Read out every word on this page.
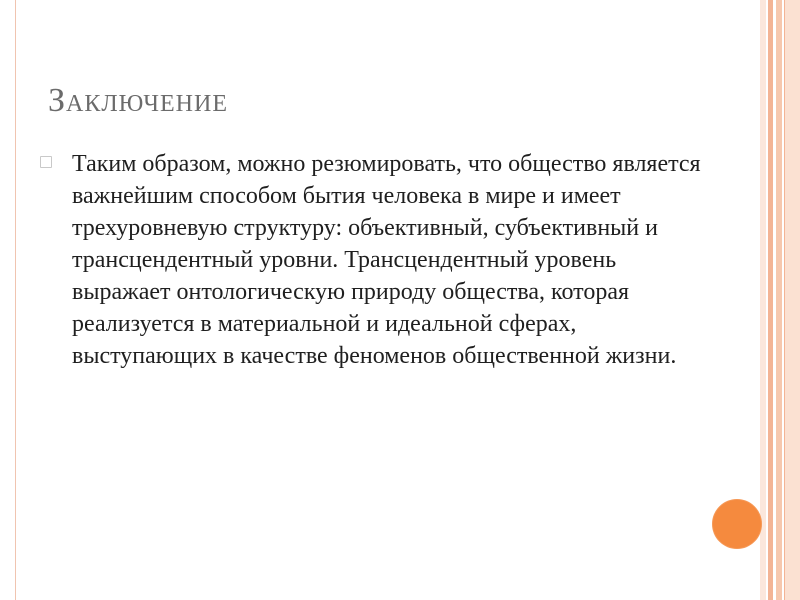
Заключение
Таким образом, можно резюмировать, что общество является важнейшим способом бытия человека в мире и имеет трехуровневую структуру: объективный, субъективный и трансцендентный уровни. Трансцендентный уровень выражает онтологическую природу общества, которая реализуется в материальной и идеальной сферах, выступающих в качестве феноменов общественной жизни.
